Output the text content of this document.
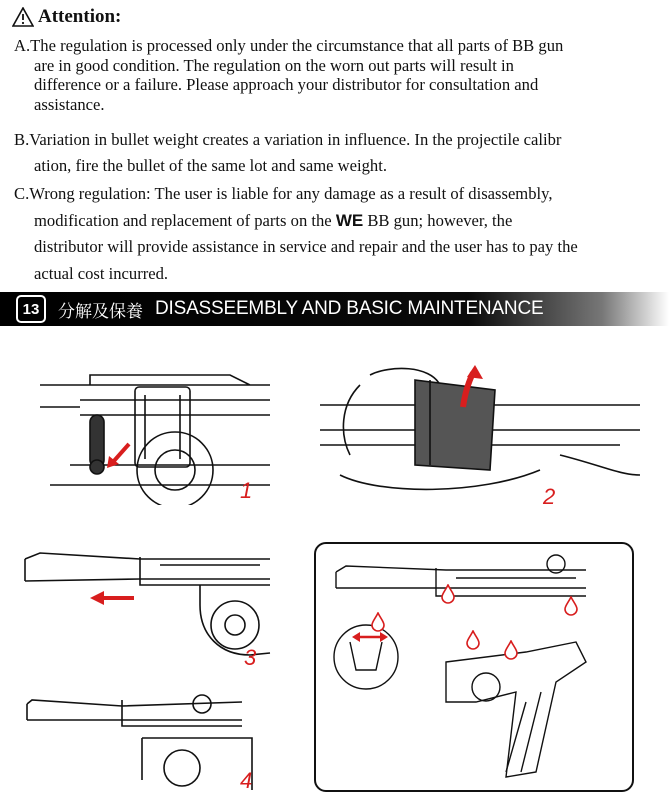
Attention:
A.The regulation is processed only under the circumstance that all parts of BB gun
are in good condition. The regulation on the worn out parts will result in
difference or a failure. Please approach your distributor for consultation and
assistance.
B.Variation in bullet weight creates a variation in influence. In the projectile calibr
ation, fire the bullet of the same lot and same weight.
C.Wrong regulation: The user is liable for any damage as a result of disassembly,
modification and replacement of parts on the WE BB gun; however, the
distributor will provide assistance in service and repair and the user has to pay the
actual cost incurred.
13	分解及保養 DISASSEEMBLY AND BASIC MAINTENANCE
1	2
3
4
